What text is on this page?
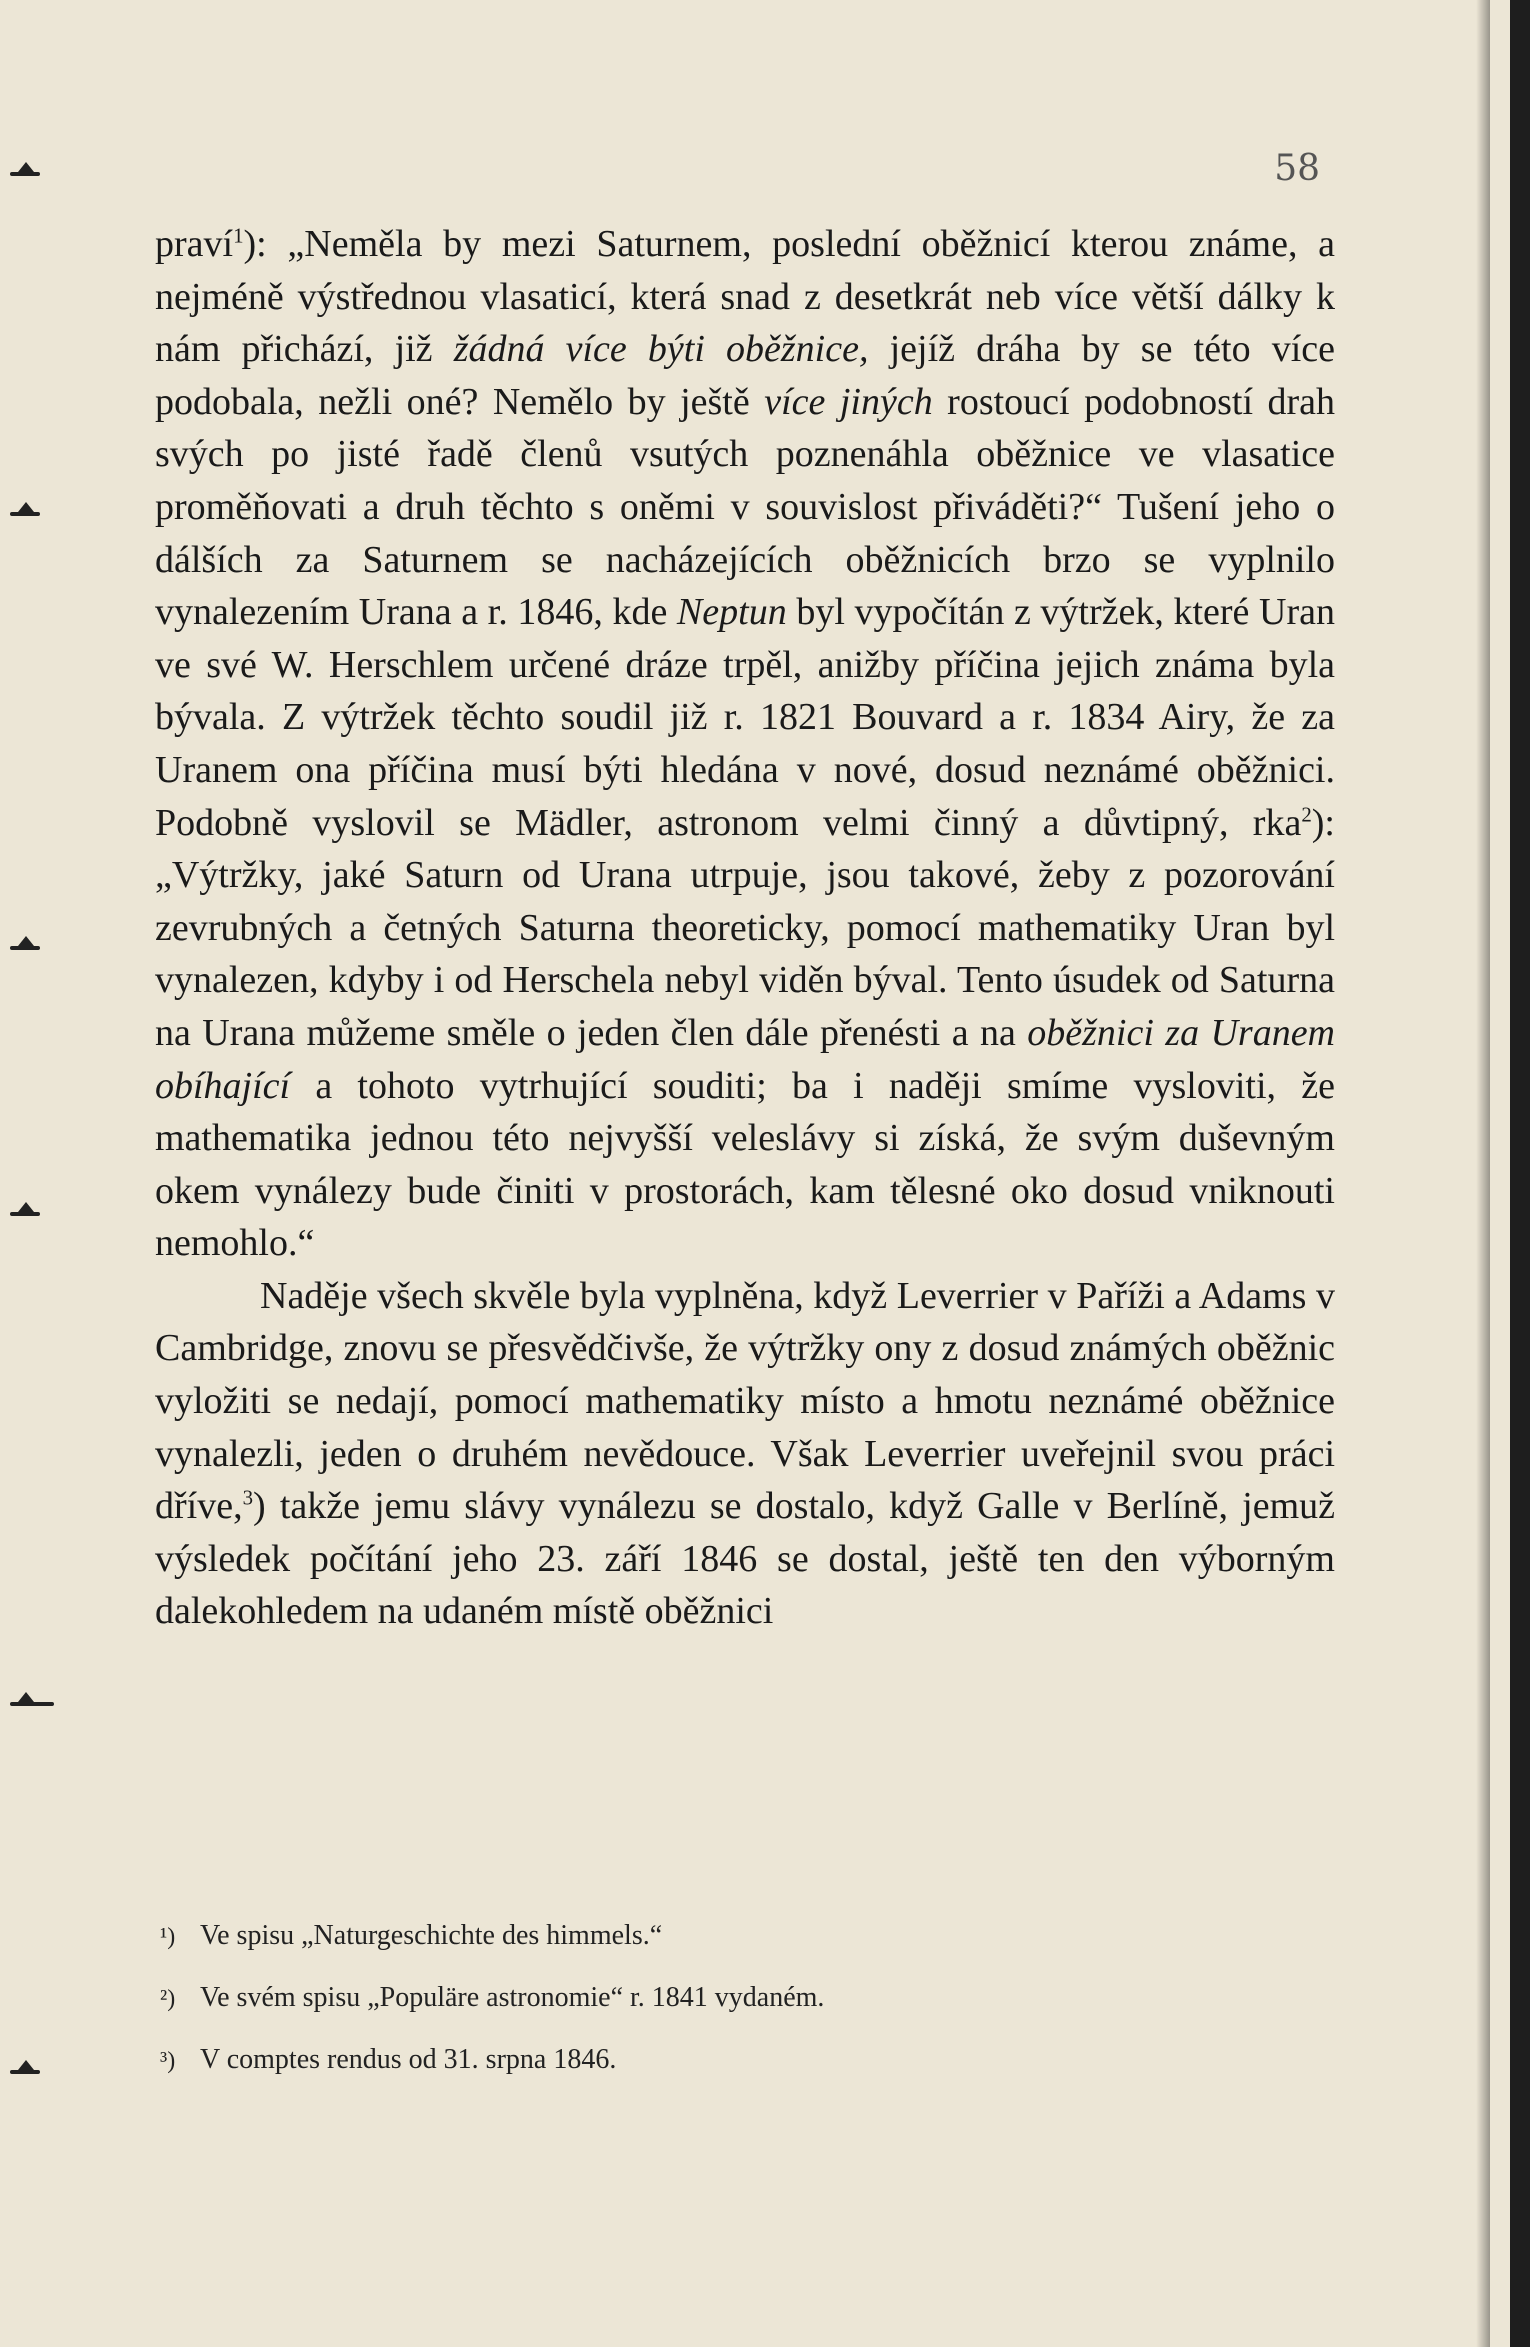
58

praví$^1$): „Neměla by mezi Saturnem, poslední oběžnicí kterou známe, a nejméně výstřednou vlasaticí, která snad z desetkrát neb více větší dálky k nám přichází, již žádná více býti oběžnice, jejíž dráha by se této více podobala, nežli oné? Nemělo by ještě více jiných rostoucí podobností drah svých po jisté řadě členů vsutých poznenáhla oběžnice ve vlasatice proměňovati a druh těchto s oněmi v souvislost přiváděti?“ Tušení jeho o dálších za Saturnem se nacházejících oběžnicích brzo se vyplnilo vynalezením Urana a r. 1846, kde Neptun byl vypočítán z výtržek, které Uran ve své W. Herschlem určené dráze trpěl, anižby příčina jejich známa byla bývala. Z výtržek těchto soudil již r. 1821 Bouvard a r. 1834 Airy, že za Uranem ona příčina musí býti hledána v nové, dosud neznámé oběžnici. Podobně vyslovil se Mädler, astronom velmi činný a důvtipný, rka$^2$): „Výtržky, jaké Saturn od Urana utrpuje, jsou takové, žeby z pozorování zevrubných a četných Saturna theoreticky, pomocí mathematiky Uran byl vynalezen, kdyby i od Herschela nebyl viděn býval. Tento úsudek od Saturna na Urana můžeme směle o jeden člen dále přenésti a na oběžnici za Uranem obíhající a tohoto vytrhující souditi; ba i naději smíme vysloviti, že mathematika jednou této nejvyšší veleslávy si získá, že svým duševným okem vynálezy bude činiti v prostorách, kam tělesné oko dosud vniknouti nemohlo.“

Naděje všech skvěle byla vyplněna, když Leverrier v Paříži a Adams v Cambridge, znovu se přesvědčivše, že výtržky ony z dosud známých oběžnic vyložiti se nedají, pomocí mathematiky místo a hmotu neznámé oběžnice vynalezli, jeden o druhém nevědouce. Však Leverrier uveřejnil svou práci dříve,$^3$) takže jemu slávy vynálezu se dostalo, když Galle v Berlíně, jemuž výsledek počítání jeho 23. září 1846 se dostal, ještě ten den výborným dalekohledem na udaném místě oběžnici

¹) Ve spisu „Naturgeschichte des himmels.“
²) Ve svém spisu „Populäre astronomie“ r. 1841 vydaném.
³) V comptes rendus od 31. srpna 1846.
